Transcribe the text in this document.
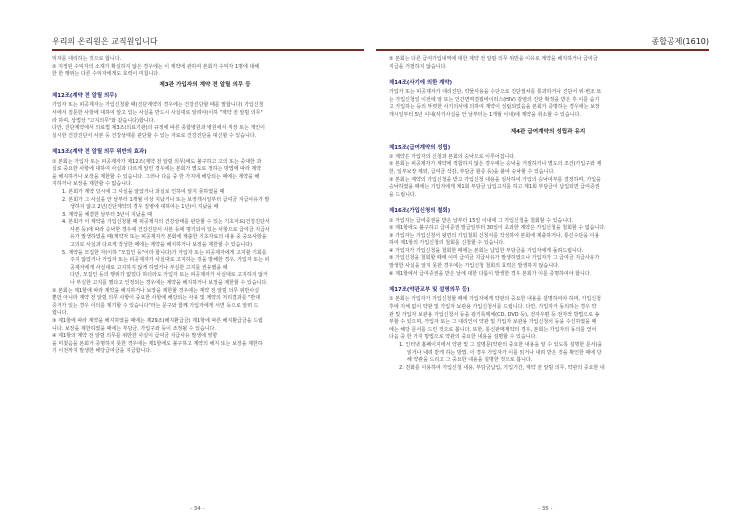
우리의 온리원은 교직원입니다
익자를 대리하는 것으로 합니다.
② 지정된 수익자의 소재가 확실하지 않은 경우에는 이 계약에 관하여 본회가 수익자 1명에 대해
한 한 행위는 다른 수익자에게도 효력이 미칩니다.
제3관 가입자의 계약 전 알릴 의무 등
제12조(계약 전 알릴 의무)
가입자 또는 피공제자는 가입신청할 때(진단계약의 경우에는 건강진단할 때를 말합니다) 가입신청
서에서 질문한 사항에 대하여 알고 있는 사실을 반드시 사실대로 알려야(이하 "계약 전 알릴 의무"
라 하며, 상법상 "고지의무"와 같습니다)합니다.
다만, 진단계약에서 의료법 제3조(의료기관)의 규정에 따른 종합병원과 병원에서 직장 또는 개인이
실시한 건강진단서 사본 등 건강상태를 판단할 수 있는 자료로 건강진단을 대신할 수 있습니다.
제13조(계약 전 알릴 의무 위반의 효과)
① 본회는 가입자 또는 피공제자가 제12조(계약 전 알릴 의무)에도 불구하고 고의 또는 중대한 과
실로 중요한 사항에 대하여 사실과 다르게 알린 경우에는 본회가 별도로 정하는 방법에 따라 계약
을 해지하거나 보장을 제한할 수 있습니다. 그러나 다음 중 한 가지에 해당되는 때에는 계약을 해
지하거나 보장을 제한할 수 없습니다.
1. 본회가 계약 당시에 그 사실을 알았거나 과실로 인하여 알지 못하였을 때
2. 본회가 그 사실을 안 날부터 1개월 이상 지났거나 또는 보장개시일부터 급여금 지급사유가 발
생하지 않고 2년(진단계약의 경우 질병에 대하여는 1년)이 지났을 때
3. 계약을 체결한 날부터 3년이 지났을 때
4. 본회가 이 계약을 가입신청할 때 피공제자의 건강상태를 판단할 수 있는 기초자료(건강진단서
사본 등)에 따라 승낙한 경우에 건강진단서 사본 등에 명기되어 있는 사항으로 급여금 지급사
유가 발생하였을 때(계약자 또는 피공제자가 본회에 제출한 기초자료의 내용 중 중요사항을
고의로 사실과 다르게 작성한 때에는 계약을 해지하거나 보장을 제한할 수 있습니다)
5. 계약을 모집한 자(이하 "모집인 등"이라 합니다)가 가입자 또는 피공제자에게 고지할 기회를
주지 않았거나 가입자 또는 피공제자가 사실대로 고지하는 것을 방해한 경우, 가입자 또는 피
공제자에게 사실대로 고지하지 않게 하였거나 부실한 고지를 권유했을 때
다만, 모집인 등의 행위가 없었다 하더라도 가입자 또는 피공제자가 사실대로 고지하지 않거
나 부실한 고지를 했다고 인정되는 경우에는 계약을 해지하거나 보장을 제한할 수 있습니다.
② 본회는 제1항에 따라 계약을 해지하거나 보장을 제한할 경우에는 계약 전 알릴 의무 위반사실
뿐만 아니라 계약 전 알릴 의무 사항이 중요한 사항에 해당되는 사유 및 계약의 처리결과를 "반대
증거가 있는 경우 이의를 제기할 수 있습니다"라는 문구와 함께 가입자에게 서면 등으로 알려 드
립니다.
③ 제1항에 따라 계약을 해지하였을 때에는 제29조(해지환급금) 제1항에 따른 해지환급금을 드립
니다. 보장을 제한하였을 때에는 부담금, 가입구좌 등이 조정될 수 있습니다.
④ 제1항의 계약 전 알릴 의무를 위반한 사실이 급여금 지급사유 발생에 영향
을 미쳤음을 본회가 증명하지 못한 경우에는 제1항에도 불구하고 계약의 해지 또는 보장을 제한하
기 이전까지 발생한 해당급여금을 지급합니다.
- 34 -
종합공제(1610)
⑤ 본회는 다른 급여가입내역에 대한 계약 전 알릴 의무 위반을 이유로 계약을 해지하거나 급여금
지급을 거절하지 않습니다.
제14조(사기에 의한 계약)
가입자 또는 피공제자가 대리진단, 약물사용을 수단으로 진단절차를 통과하거나 진단서 위·변조 또
는 가입신청일 이전에 암 또는 인간면역결핍바이러스(HIV) 감염의 진단 확정을 받은 후 이를 숨기
고 가입하는 등의 뚜렷한 사기의사에 의하여 계약이 성립되었음을 본회가 증명하는 경우에는 보장
개시일부터 5년 이내(사기사실을 안 날부터는 1개월 이내)에 계약을 취소할 수 있습니다.
제4관 급여계약의 성립과 유지
제15조(급여계약의 성립)
① 계약은 가입자의 신청과 본회의 승낙으로 이루어집니다.
② 본회는 피공제자가 계약에 적합하지 않은 경우에는 승낙을 거절하거나 별도의 조건(가입구좌 제
한, 일부보장 제외, 급여금 삭감, 부담금 할증 등)을 붙여 승낙할 수 있습니다.
③ 본회는 계약의 가입신청을 받고 가입신청 내용을 심사하여 가입의 승낙여부를 결정하며, 가입을
승낙하였을 때에는 가입자에게 제1회 부담금 납입고지를 하고 제1회 부담금이 납입되면 급여증권
을 드립니다.
제16조(가입신청의 철회)
① 가입자는 급여증권을 받은 날부터 15일 이내에 그 가입신청을 철회할 수 있습니다.
② 제1항에도 불구하고 급여증권 발급일부터 30일이 초과한 계약은 가입신청을 철회할 수 없습니다.
③ 가입자는 가입신청서 뒷면의 가입철회 신청서를 작성하여 본회에 제출하거나, 통신수단을 이용
하여 제1항의 가입신청의 철회를 신청할 수 있습니다.
④ 가입자가 가입신청을 철회한 때에는 본회는 납입한 부담금을 가입자에게 돌려드립니다.
⑤ 가입신청을 철회할 때에 이미 급여금 지급사유가 발생하였으나 가입자가 그 급여금 지급사유가
발생한 사실을 알지 못한 경우에는 가입신청 철회의 효력은 발생하지 않습니다.
⑥ 제1항에서 급여증권을 받은 날에 대한 다툼이 발생한 경우 본회가 이를 증명하여야 합니다.
제17조(약관교부 및 설명의무 등)
① 본회는 가입자가 가입신청할 때에 가입자에게 약관의 중요한 내용을 설명하여야 하며, 가입신청
후에 지체 없이 약관 및 가입자 보관용 가입신청서를 드립니다. 다만, 가입자가 동의하는 경우 약
관 및 가입자 보관용 가입신청서 등을 광기록매체(CD, DVD 등), 전자우편 등 전자적 방법으로 송
부할 수 있으며, 가입자 또는 그 대리인이 약관 및 가입자 보관용 가입신청서 등을 수신하였을 때
에는 해당 문서를 드린 것으로 봅니다. 또한, 통신판매계약의 경우, 본회는 가입자의 동의를 얻어
다음 중 한 가지 방법으로 약관의 중요한 내용을 설명할 수 있습니다.
1. 인터넷 홈페이지에서 약관 및 그 설명문(약관의 중요한 내용을 알 수 있도록 설명한 문서)을
읽거나 내려 받게 하는 방법. 이 경우 가입자가 이를 읽거나 내려 받은 것을 확인한 때에 당
해 약관을 드리고 그 중요한 내용을 설명한 것으로 봅니다.
2. 전화를 이용하여 가입신청 내용, 부담금납입, 가입기간, 계약 전 알릴 의무, 약관의 중요한 내
- 35 -
